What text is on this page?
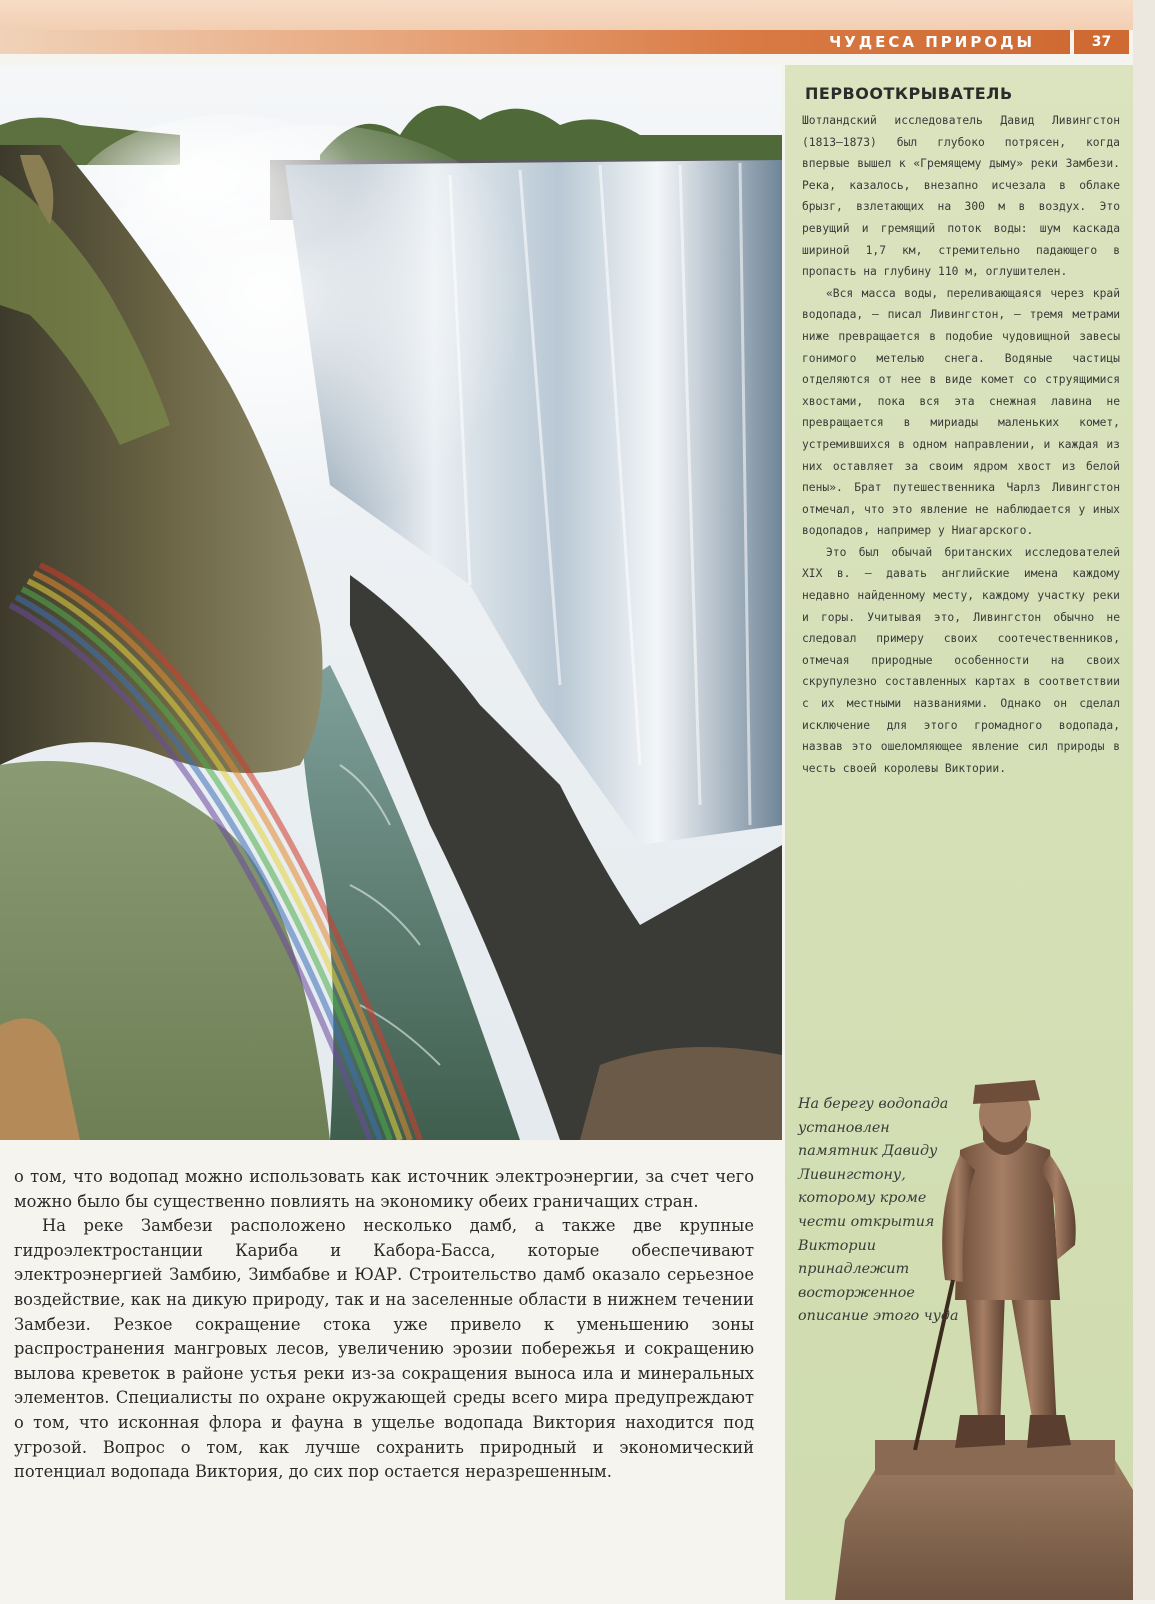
ЧУДЕСА ПРИРОДЫ	37
ПЕРВООТКРЫВАТЕЛЬ

Шотландский исследователь Давид Ливингстон (1813–1873) был глубоко потрясен, когда впервые вышел к «Гремящему дыму» реки Замбези. Река, казалось, внезапно исчезала в облаке брызг, взлетающих на 300 м в воздух. Это ревущий и гремящий поток воды: шум каскада шириной 1,7 км, стремительно падающего в пропасть на глубину 110 м, оглушителен.

«Вся масса воды, переливающаяся через край водопада, — писал Ливингстон, — тремя метрами ниже превращается в подобие чудовищной завесы гонимого метелью снега. Водяные частицы отделяются от нее в виде комет со струящимися хвостами, пока вся эта снежная лавина не превращается в мириады маленьких комет, устремившихся в одном направлении, и каждая из них оставляет за своим ядром хвост из белой пены». Брат путешественника Чарлз Ливингстон отмечал, что это явление не наблюдается у иных водопадов, например у Ниагарского.

Это был обычай британских исследователей XIX в. — давать английские имена каждому недавно найденному месту, каждому участку реки и горы. Учитывая это, Ливингстон обычно не следовал примеру своих соотечественников, отмечая природные особенности на своих скрупулезно составленных картах в соответствии с их местными названиями. Однако он сделал исключение для этого громадного водопада, назвав это ошеломляющее явление сил природы в честь своей королевы Виктории.

На берегу водопада установлен памятник Давиду Ливингстону, которому кроме чести открытия Виктории принадлежит восторженное описание этого чуда

о том, что водопад можно использовать как источник электроэнергии, за счет чего можно было бы существенно повлиять на экономику обеих граничащих стран.

На реке Замбези расположено несколько дамб, а также две крупные гидроэлектростанции Кариба и Кабора-Басса, которые обеспечивают электроэнергией Замбию, Зимбабве и ЮАР. Строительство дамб оказало серьезное воздействие, как на дикую природу, так и на заселенные области в нижнем течении Замбези. Резкое сокращение стока уже привело к уменьшению зоны распространения мангровых лесов, увеличению эрозии побережья и сокращению вылова креветок в районе устья реки из-за сокращения выноса ила и минеральных элементов. Специалисты по охране окружающей среды всего мира предупреждают о том, что исконная флора и фауна в ущелье водопада Виктория находится под угрозой. Вопрос о том, как лучше сохранить природный и экономический потенциал водопада Виктория, до сих пор остается неразрешенным.
